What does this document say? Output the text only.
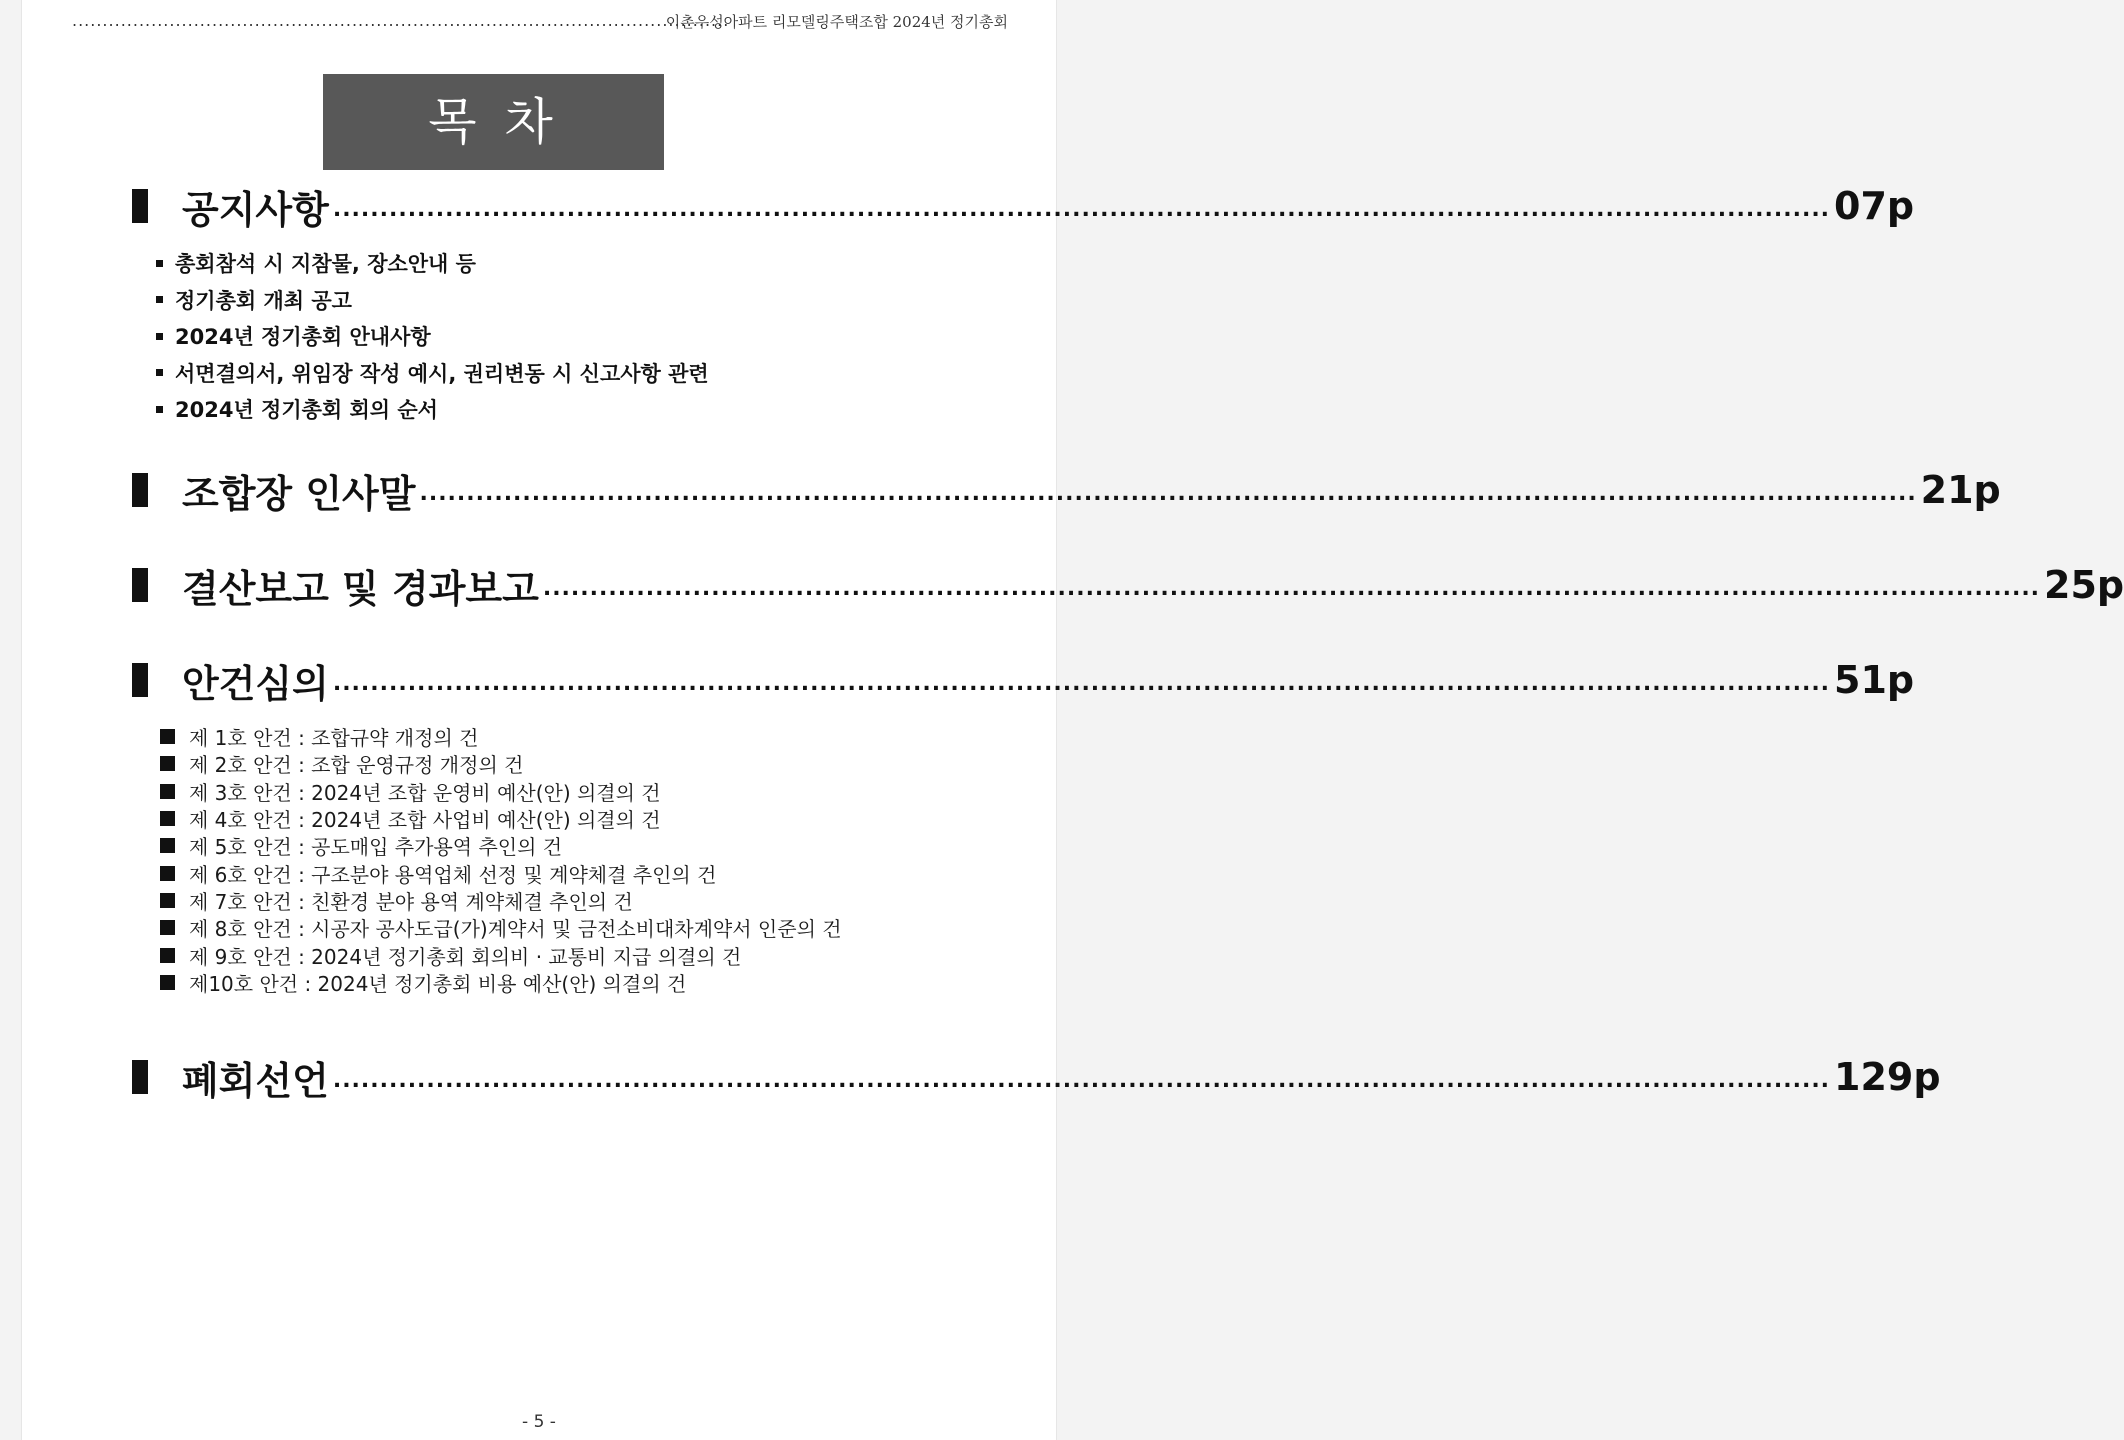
............................................................................................................
이촌우성아파트 리모델링주택조합 2024년 정기총회
목 차
공지사항 ................................................................................................................................................................ 07p
총회참석 시 지참물, 장소안내 등
정기총회 개최 공고
2024년 정기총회 안내사항
서면결의서, 위임장 작성 예시, 권리변동 시 신고사항 관련
2024년 정기총회 회의 순서
조합장 인사말 ................................................................................................................................................................ 21p
결산보고 및 경과보고 ................................................................................................................................................................ 25p
안건심의 ................................................................................................................................................................ 51p
제 1호 안건 : 조합규약 개정의 건
제 2호 안건 : 조합 운영규정 개정의 건
제 3호 안건 : 2024년 조합 운영비 예산(안) 의결의 건
제 4호 안건 : 2024년 조합 사업비 예산(안) 의결의 건
제 5호 안건 : 공도매입 추가용역 추인의 건
제 6호 안건 : 구조분야 용역업체 선정 및 계약체결 추인의 건
제 7호 안건 : 친환경 분야 용역 계약체결 추인의 건
제 8호 안건 : 시공자 공사도급(가)계약서 및 금전소비대차계약서 인준의 건
제 9호 안건 : 2024년 정기총회 회의비 · 교통비 지급 의결의 건
제10호 안건 : 2024년 정기총회 비용 예산(안) 의결의 건
폐회선언 ................................................................................................................................................................ 129p
- 5 -
